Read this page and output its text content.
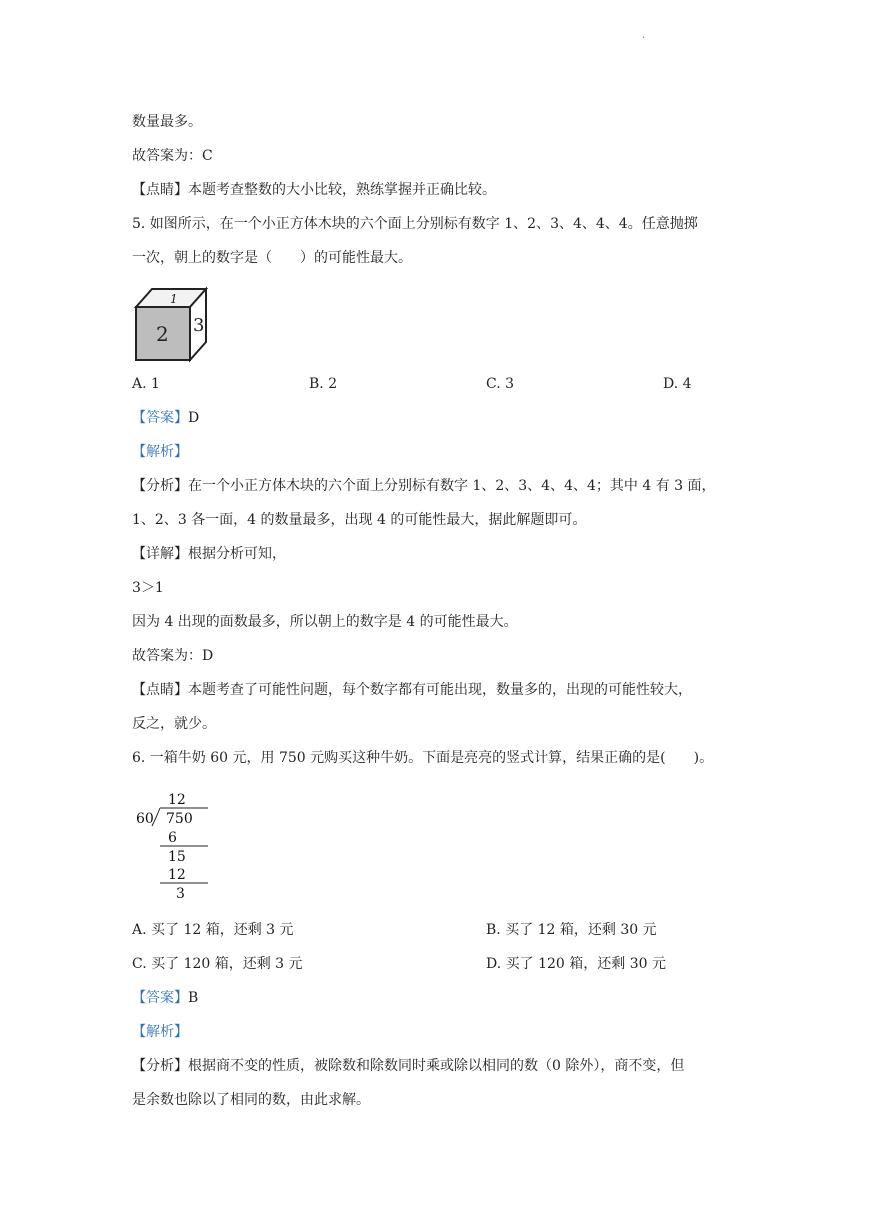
.
数量最多。
故答案为：C
【点睛】本题考查整数的大小比较，熟练掌握并正确比较。
5. 如图所示，在一个小正方体木块的六个面上分别标有数字 1、2、3、4、4、4。任意抛掷
一次，朝上的数字是（　　）的可能性最大。
1
2 3
A. 1	B. 2	C. 3	D. 4
【答案】D
【解析】
【分析】在一个小正方体木块的六个面上分别标有数字 1、2、3、4、4、4；其中 4 有 3 面，
1、2、3 各一面，4 的数量最多，出现 4 的可能性最大，据此解题即可。
【详解】根据分析可知，
3＞1
因为 4 出现的面数最多，所以朝上的数字是 4 的可能性最大。
故答案为：D
【点睛】本题考查了可能性问题，每个数字都有可能出现，数量多的，出现的可能性较大，
反之，就少。
6. 一箱牛奶 60 元，用 750 元购买这种牛奶。下面是亮亮的竖式计算，结果正确的是(　　)。
12
60 750
6
15
12
3
A. 买了 12 箱，还剩 3 元	B. 买了 12 箱，还剩 30 元
C. 买了 120 箱，还剩 3 元	D. 买了 120 箱，还剩 30 元
【答案】B
【解析】
【分析】根据商不变的性质，被除数和除数同时乘或除以相同的数（0 除外），商不变，但
是余数也除以了相同的数，由此求解。
